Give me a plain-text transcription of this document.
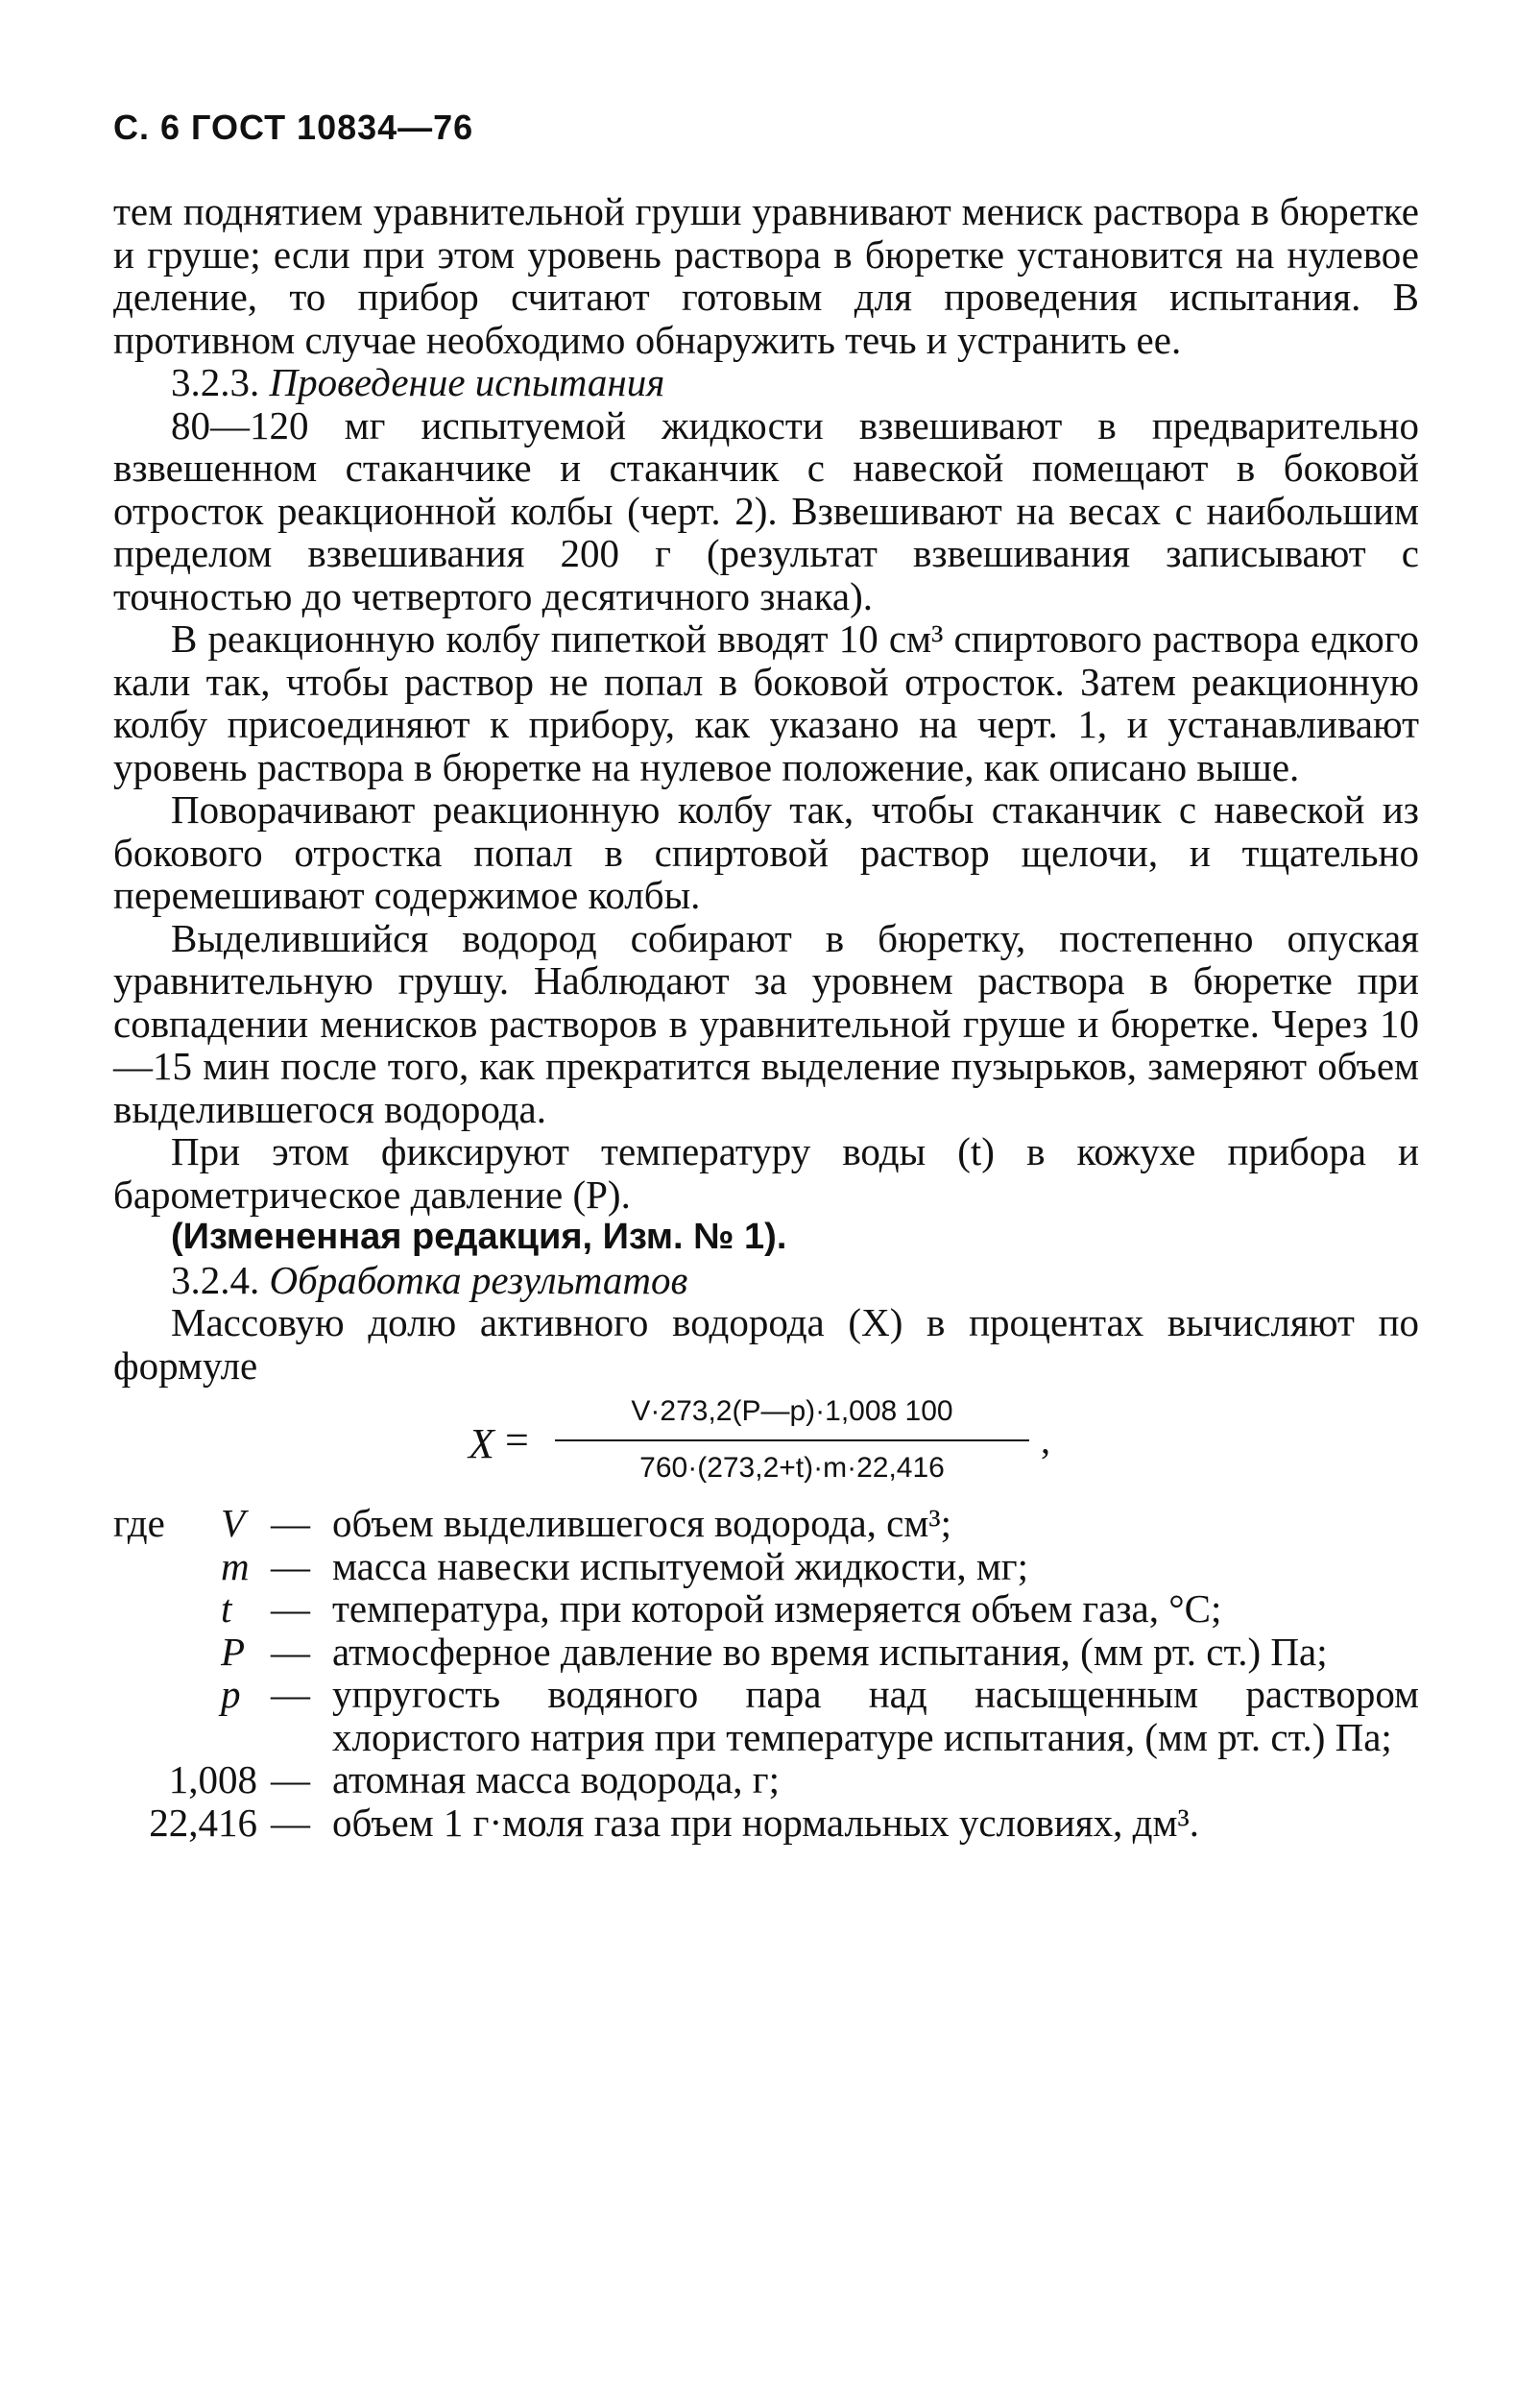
С. 6 ГОСТ 10834—76

тем поднятием уравнительной груши уравнивают мениск раствора в бюретке и груше; если при этом уровень раствора в бюретке установится на нулевое деление, то прибор считают готовым для проведения испытания. В противном случае необходимо обнаружить течь и устранить ее.

3.2.3. Проведение испытания

80—120 мг испытуемой жидкости взвешивают в предварительно взвешенном стаканчике и стаканчик с навеской помещают в боковой отросток реакционной колбы (черт. 2). Взвешивают на весах с наибольшим пределом взвешивания 200 г (результат взвешивания записывают с точностью до четвертого десятичного знака).

В реакционную колбу пипеткой вводят 10 см³ спиртового раствора едкого кали так, чтобы раствор не попал в боковой отросток. Затем реакционную колбу присоединяют к прибору, как указано на черт. 1, и устанавливают уровень раствора в бюретке на нулевое положение, как описано выше.

Поворачивают реакционную колбу так, чтобы стаканчик с навеской из бокового отростка попал в спиртовой раствор щелочи, и тщательно перемешивают содержимое колбы.

Выделившийся водород собирают в бюретку, постепенно опуская уравнительную грушу. Наблюдают за уровнем раствора в бюретке при совпадении менисков растворов в уравнительной груше и бюретке. Через 10—15 мин после того, как прекратится выделение пузырьков, замеряют объем выделившегося водорода.

При этом фиксируют температуру воды (t) в кожухе прибора и барометрическое давление (P).

(Измененная редакция, Изм. № 1).

3.2.4. Обработка результатов

Массовую долю активного водорода (X) в процентах вычисляют по формуле

X =
V·273,2(P—p)·1,008 100
760·(273,2+t)·m·22,416
,
где	V — объем выделившегося водорода, см³;
m — масса навески испытуемой жидкости, мг;
t — температура, при которой измеряется объем газа, °С;
P — атмосферное давление во время испытания, (мм рт. ст.) Па;
p — упругость водяного пара над насыщенным раствором хлористого натрия при температуре испытания, (мм рт. ст.) Па;
1,008 — атомная масса водорода, г;
22,416 — объем 1 г·моля газа при нормальных условиях, дм³.
